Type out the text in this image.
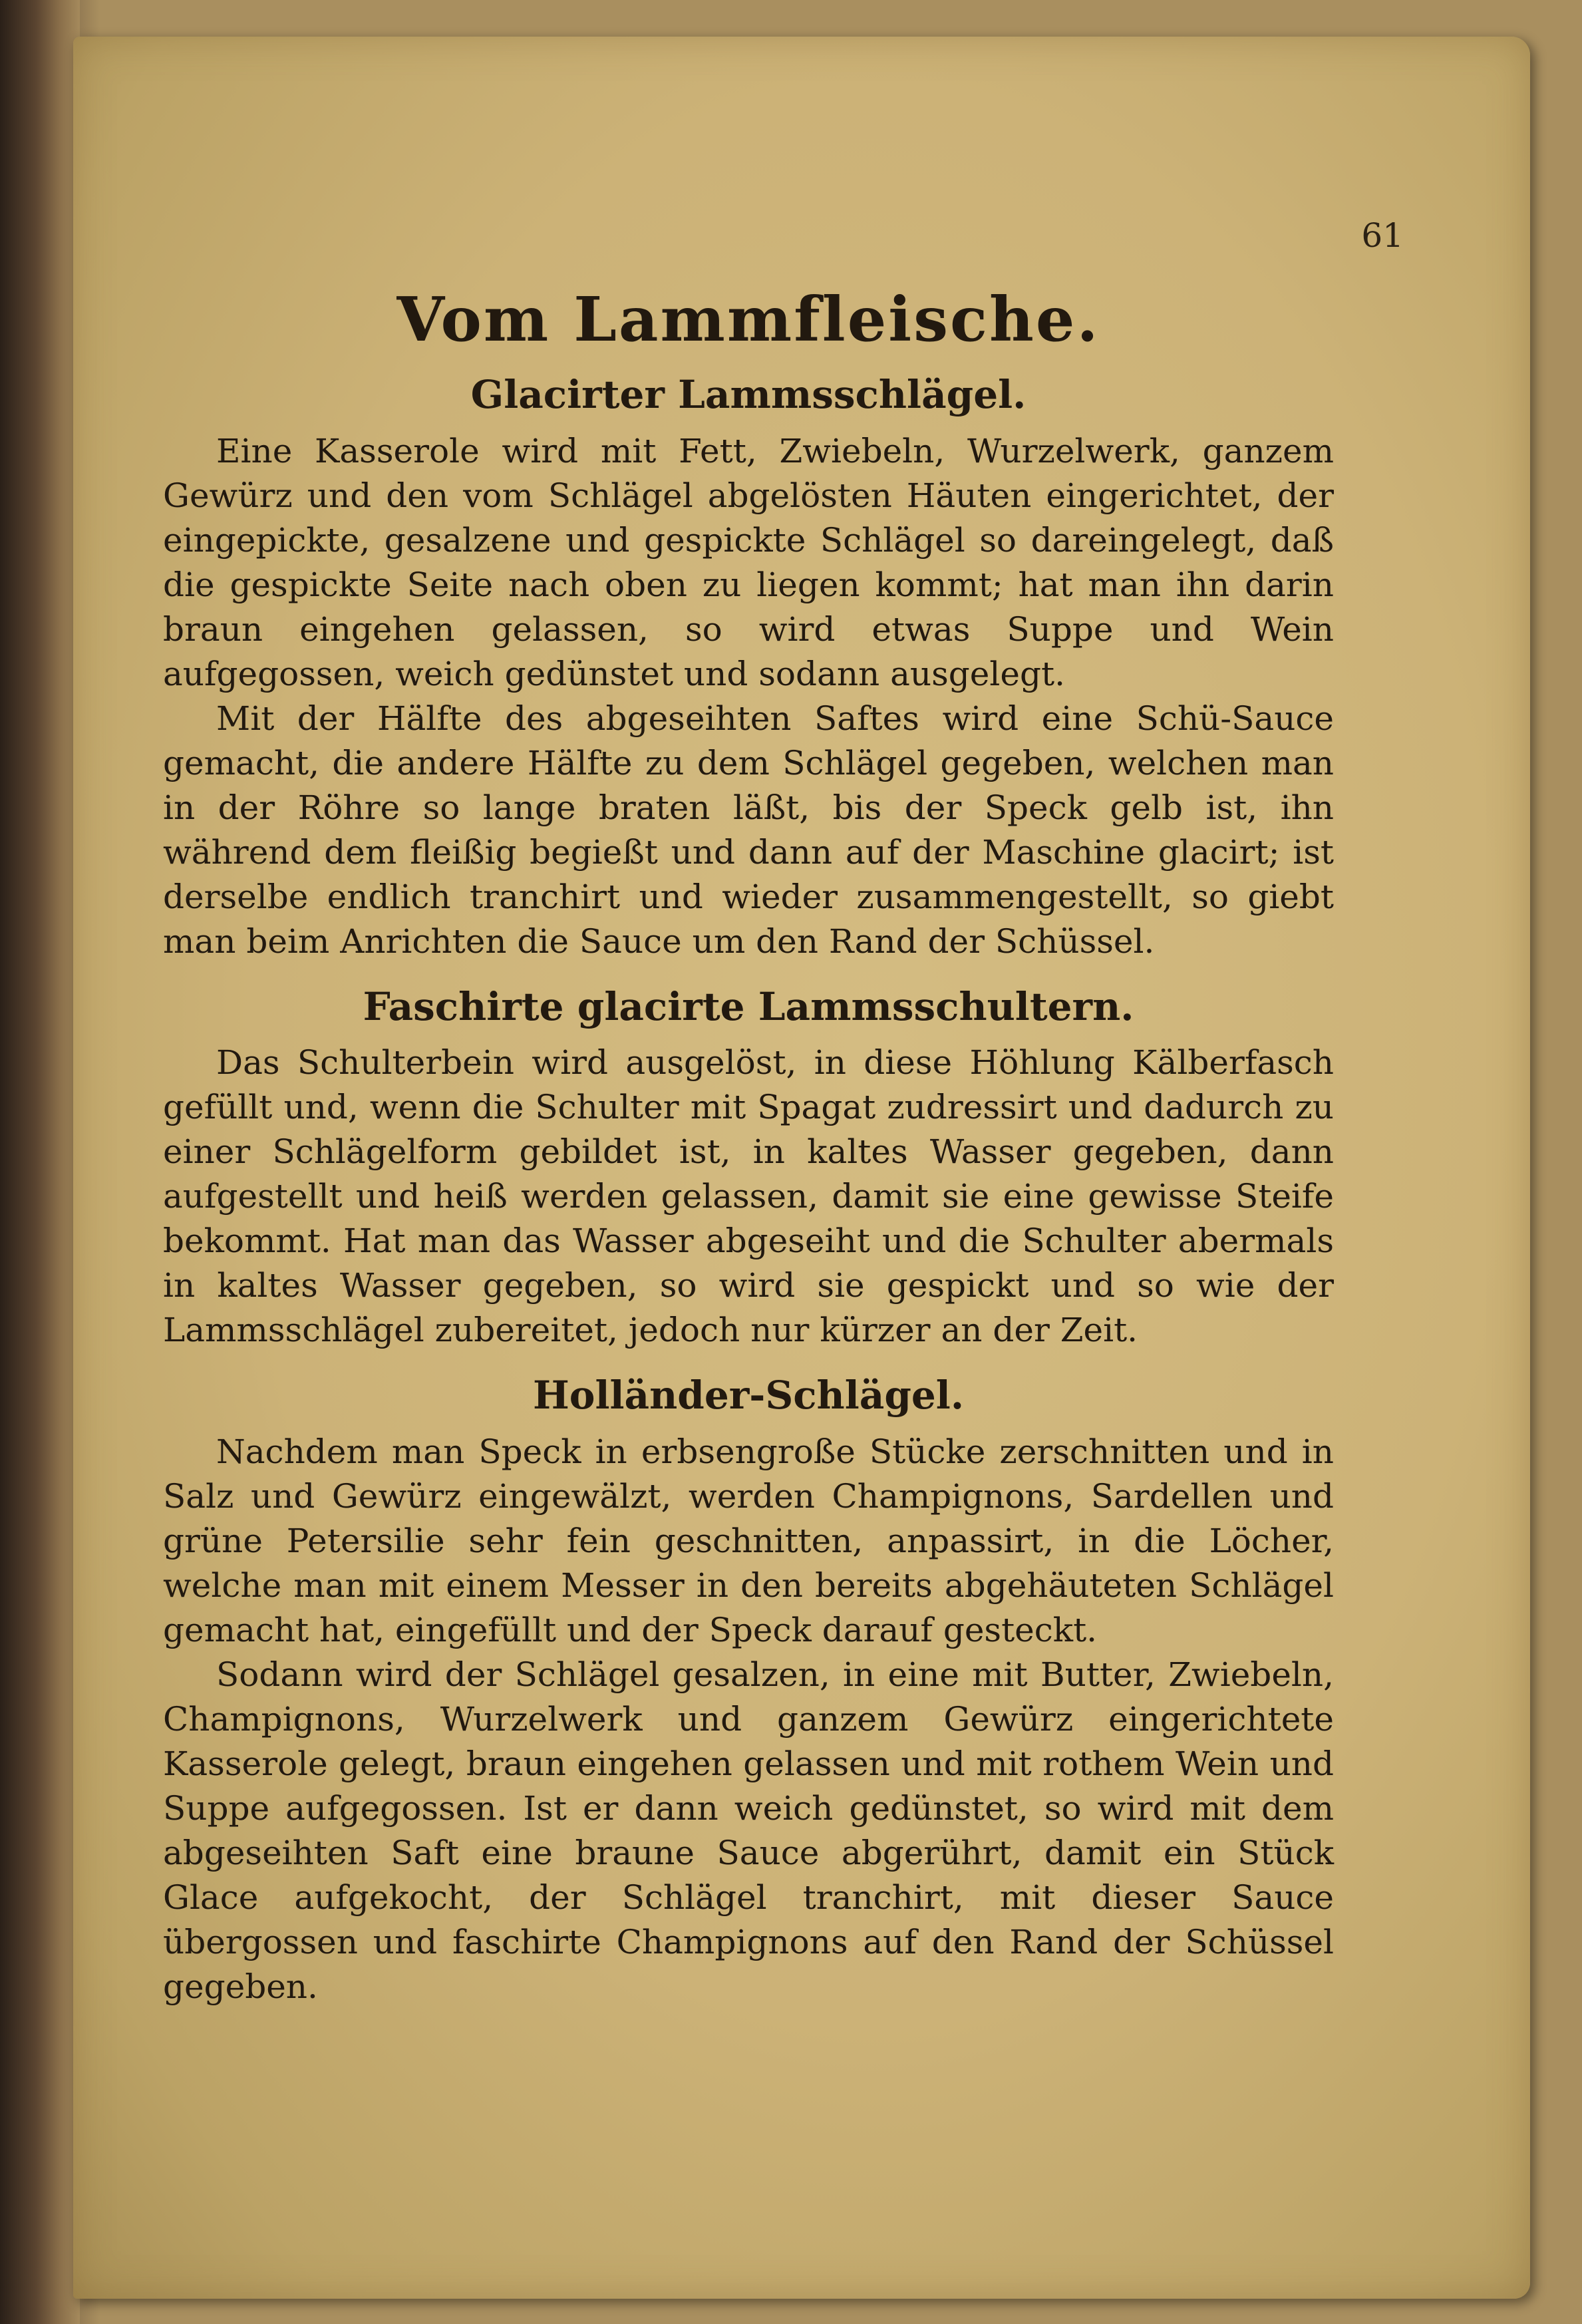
61
Vom Lammfleische.
Glacirter Lammsschlägel.

Eine Kasserole wird mit Fett, Zwiebeln, Wurzelwerk, ganzem Gewürz und den vom Schlägel abgelösten Häuten eingerichtet, der eingepickte, gesalzene und gespickte Schlägel so dareingelegt, daß die gespickte Seite nach oben zu liegen kommt; hat man ihn darin braun eingehen gelassen, so wird etwas Suppe und Wein aufgegossen, weich gedünstet und sodann ausgelegt.

Mit der Hälfte des abgeseihten Saftes wird eine Schü-Sauce gemacht, die andere Hälfte zu dem Schlägel gegeben, welchen man in der Röhre so lange braten läßt, bis der Speck gelb ist, ihn während dem fleißig begießt und dann auf der Maschine glacirt; ist derselbe endlich tranchirt und wieder zusammengestellt, so giebt man beim Anrichten die Sauce um den Rand der Schüssel.

Faschirte glacirte Lammsschultern.

Das Schulterbein wird ausgelöst, in diese Höhlung Kälberfasch gefüllt und, wenn die Schulter mit Spagat zudressirt und dadurch zu einer Schlägelform gebildet ist, in kaltes Wasser gegeben, dann aufgestellt und heiß werden gelassen, damit sie eine gewisse Steife bekommt. Hat man das Wasser abgeseiht und die Schulter abermals in kaltes Wasser gegeben, so wird sie gespickt und so wie der Lammsschlägel zubereitet, jedoch nur kürzer an der Zeit.

Holländer-Schlägel.

Nachdem man Speck in erbsengroße Stücke zerschnitten und in Salz und Gewürz eingewälzt, werden Champignons, Sardellen und grüne Petersilie sehr fein geschnitten, anpassirt, in die Löcher, welche man mit einem Messer in den bereits abgehäuteten Schlägel gemacht hat, eingefüllt und der Speck darauf gesteckt.

Sodann wird der Schlägel gesalzen, in eine mit Butter, Zwiebeln, Champignons, Wurzelwerk und ganzem Gewürz eingerichtete Kasserole gelegt, braun eingehen gelassen und mit rothem Wein und Suppe aufgegossen. Ist er dann weich gedünstet, so wird mit dem abgeseihten Saft eine braune Sauce abgerührt, damit ein Stück Glace aufgekocht, der Schlägel tranchirt, mit dieser Sauce übergossen und faschirte Champignons auf den Rand der Schüssel gegeben.
